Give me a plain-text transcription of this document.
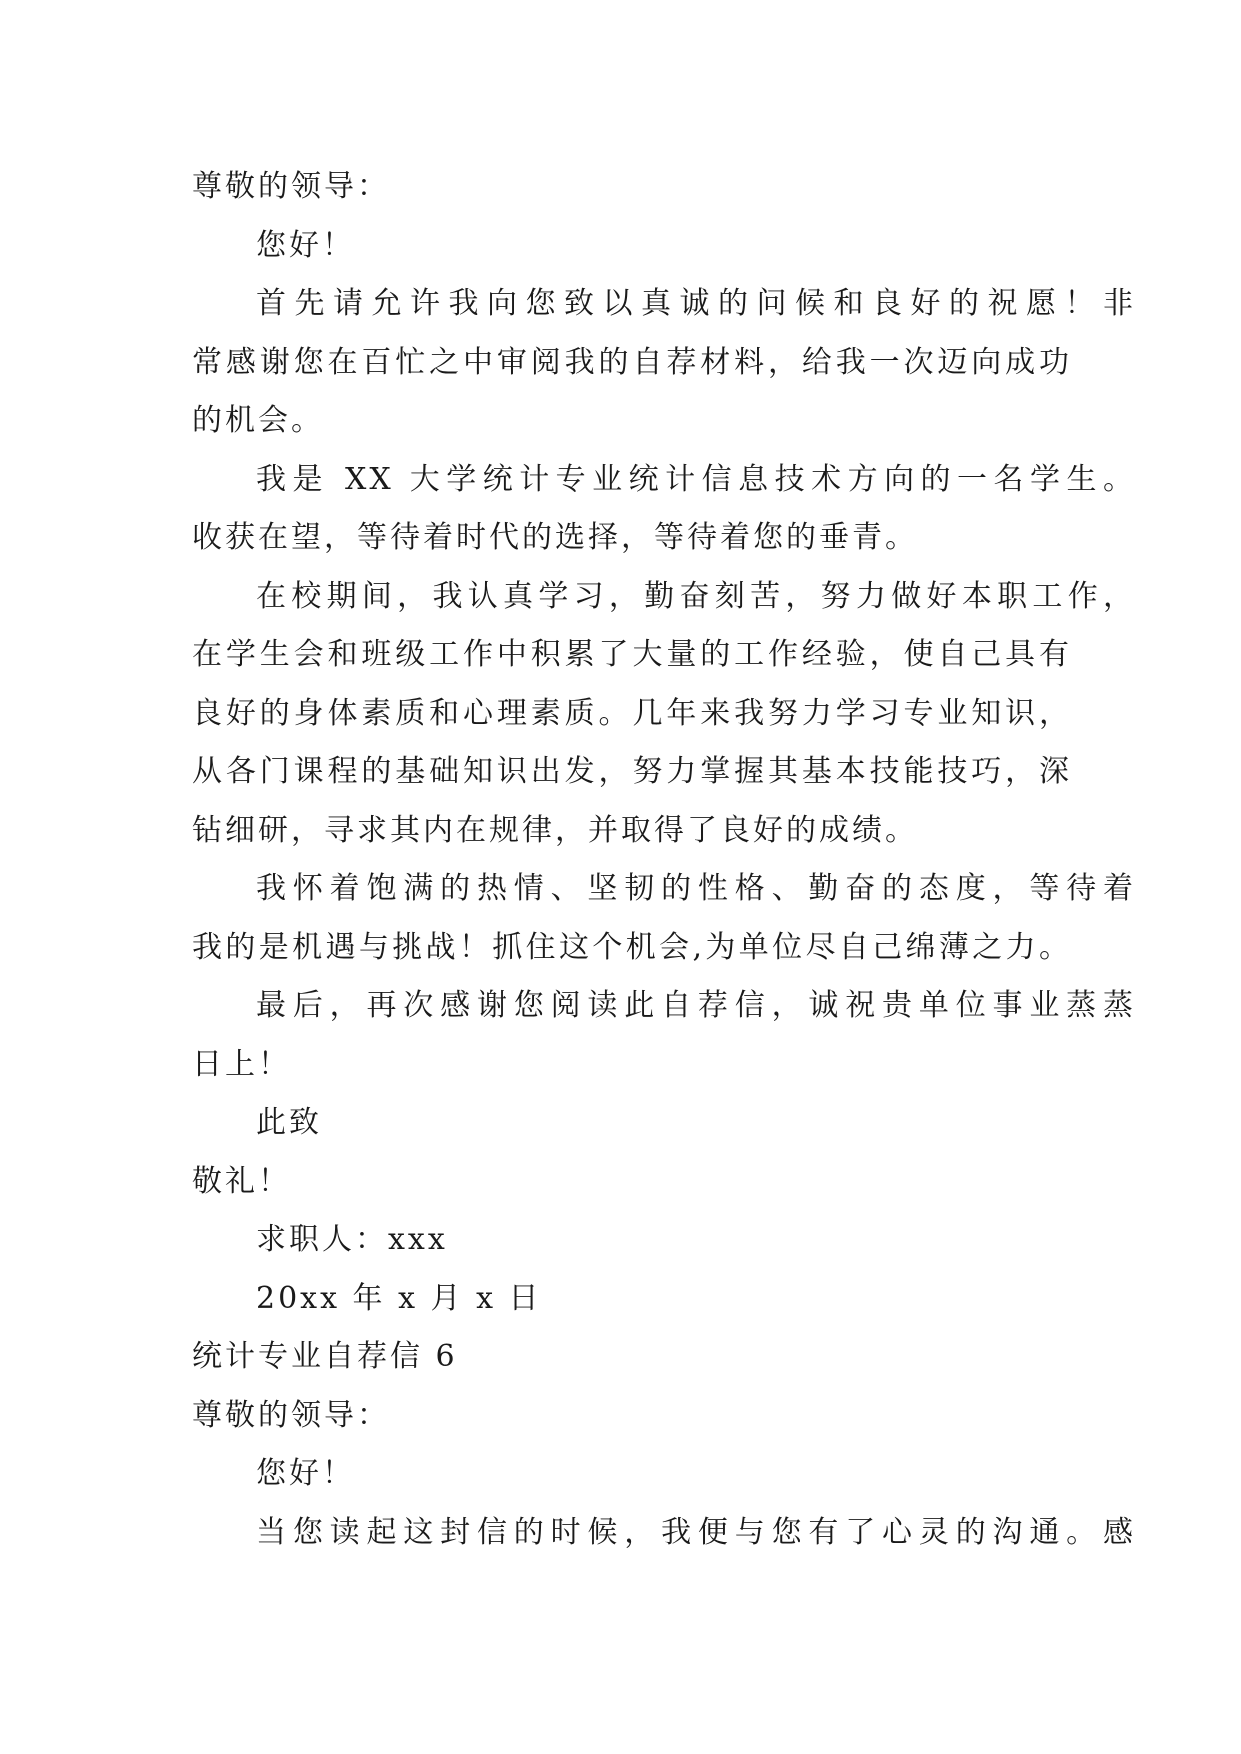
尊敬的领导：
您好！
首先请允许我向您致以真诚的问候和良好的祝愿！非
常感谢您在百忙之中审阅我的自荐材料，给我一次迈向成功
的机会。
我是 XX 大学统计专业统计信息技术方向的一名学生。
收获在望，等待着时代的选择，等待着您的垂青。
在校期间，我认真学习，勤奋刻苦，努力做好本职工作，
在学生会和班级工作中积累了大量的工作经验，使自己具有
良好的身体素质和心理素质。几年来我努力学习专业知识，
从各门课程的基础知识出发，努力掌握其基本技能技巧，深
钻细研，寻求其内在规律，并取得了良好的成绩。
我怀着饱满的热情、坚韧的性格、勤奋的态度，等待着
我的是机遇与挑战！抓住这个机会,为单位尽自己绵薄之力。
最后，再次感谢您阅读此自荐信，诚祝贵单位事业蒸蒸
日上！
此致
敬礼！
求职人：xxx
20xx 年 x 月 x 日
统计专业自荐信 6
尊敬的领导：
您好！
当您读起这封信的时候，我便与您有了心灵的沟通。感
